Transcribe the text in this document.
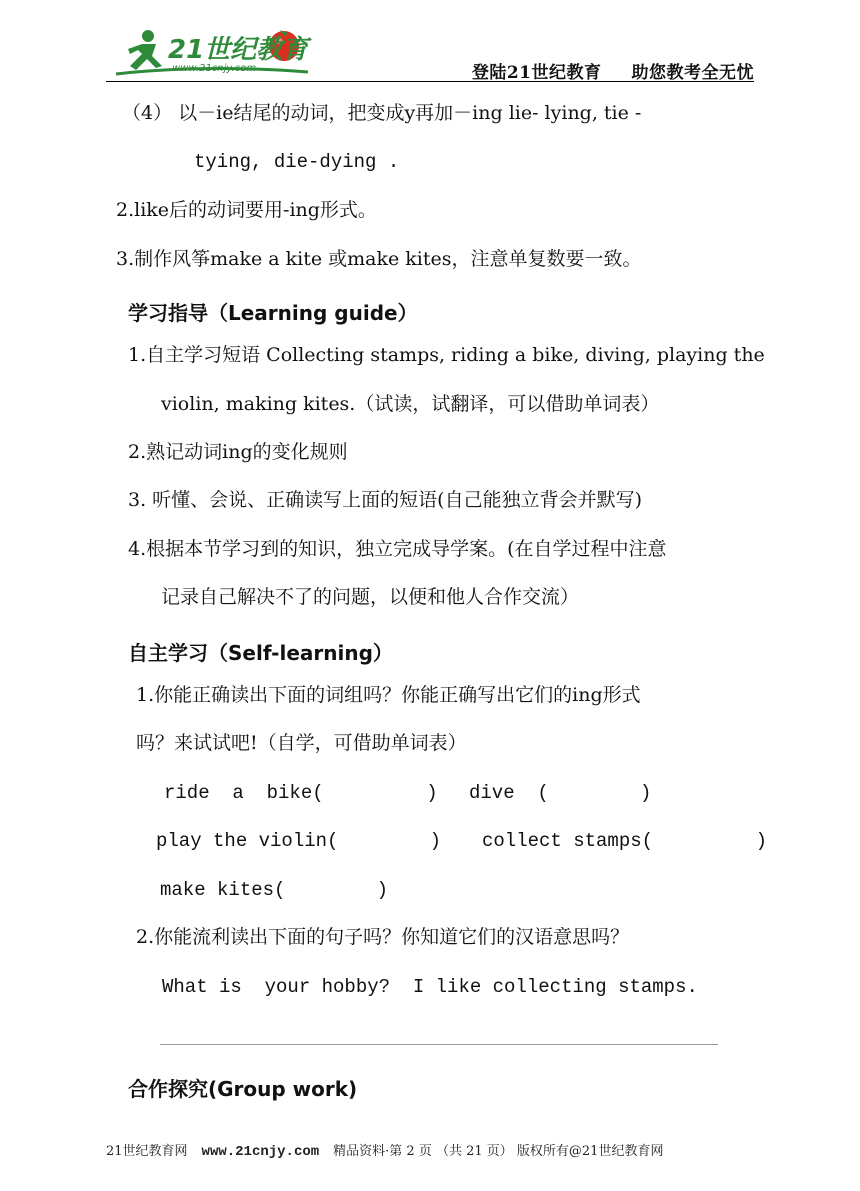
21世纪教育
www.21cnjy.com	登陆21世纪教育 助您教考全无忧
（4） 以－ie结尾的动词，把变成y再加－ing lie- lying, tie -
tying, die-dying .
2.like后的动词要用-ing形式。
3.制作风筝make a kite 或make kites，注意单复数要一致。
学习指导（Learning guide）
1.自主学习短语 Collecting stamps, riding a bike, diving, playing the
violin, making kites.（试读，试翻译，可以借助单词表）
2.熟记动词ing的变化规则
3. 听懂、会说、正确读写上面的短语(自己能独立背会并默写)
4.根据本节学习到的知识，独立完成导学案。(在自学过程中注意
记录自己解决不了的问题，以便和他人合作交流）
自主学习（Self-learning）
1.你能正确读出下面的词组吗？你能正确写出它们的ing形式
吗？来试试吧!（自学，可借助单词表）
ride  a  bike(         ) dive  (        )
play the violin(        ) collect stamps(         )
make kites(        )
2.你能流利读出下面的句子吗？你知道它们的汉语意思吗？
What is  your hobby?  I like collecting stamps.
合作探究(Group work)
21世纪教育网 www.21cnjy.com 精品资料·第 2 页 （共 21 页） 版权所有@21世纪教育网
